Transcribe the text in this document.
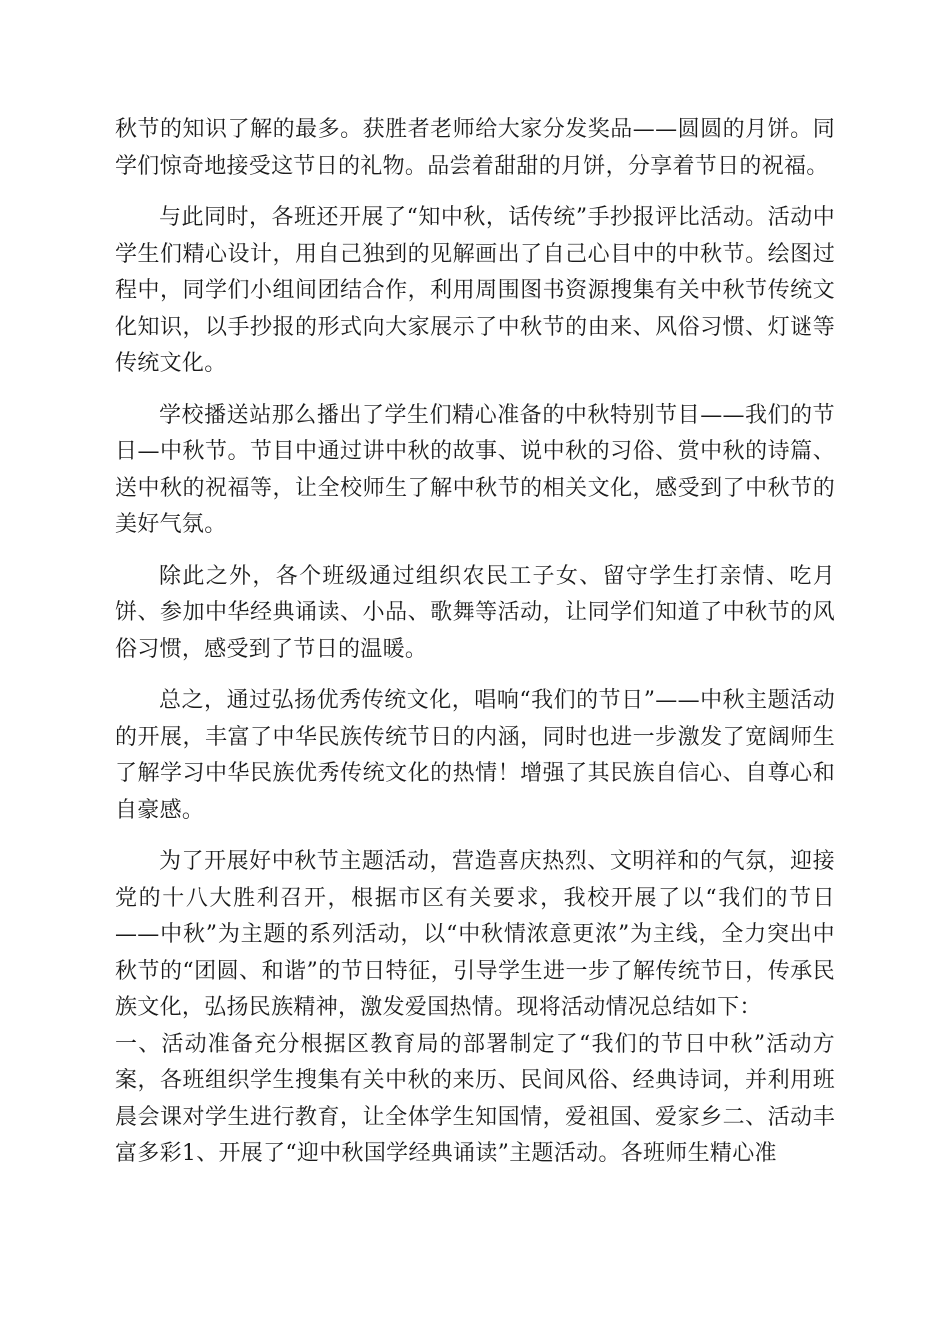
秋节的知识了解的最多。获胜者老师给大家分发奖品——圆圆的月饼。同学们惊奇地接受这节日的礼物。品尝着甜甜的月饼，分享着节日的祝福。

与此同时，各班还开展了“知中秋，话传统”手抄报评比活动。活动中学生们精心设计，用自己独到的见解画出了自己心目中的中秋节。绘图过程中，同学们小组间团结合作，利用周围图书资源搜集有关中秋节传统文化知识，以手抄报的形式向大家展示了中秋节的由来、风俗习惯、灯谜等传统文化。

学校播送站那么播出了学生们精心准备的中秋特别节目——我们的节日—中秋节。节目中通过讲中秋的故事、说中秋的习俗、赏中秋的诗篇、送中秋的祝福等，让全校师生了解中秋节的相关文化，感受到了中秋节的美好气氛。

除此之外，各个班级通过组织农民工子女、留守学生打亲情、吃月饼、参加中华经典诵读、小品、歌舞等活动，让同学们知道了中秋节的风俗习惯，感受到了节日的温暖。

总之，通过弘扬优秀传统文化，唱响“我们的节日”——中秋主题活动的开展，丰富了中华民族传统节日的内涵，同时也进一步激发了宽阔师生了解学习中华民族优秀传统文化的热情！增强了其民族自信心、自尊心和自豪感。

为了开展好中秋节主题活动，营造喜庆热烈、文明祥和的气氛，迎接党的十八大胜利召开，根据市区有关要求，我校开展了以“我们的节日——中秋”为主题的系列活动，以“中秋情浓意更浓”为主线，全力突出中秋节的“团圆、和谐”的节日特征，引导学生进一步了解传统节日，传承民族文化，弘扬民族精神，激发爱国热情。现将活动情况总结如下：

一、活动准备充分根据区教育局的部署制定了“我们的节日中秋”活动方案，各班组织学生搜集有关中秋的来历、民间风俗、经典诗词，并利用班晨会课对学生进行教育，让全体学生知国情，爱祖国、爱家乡二、活动丰富多彩1、开展了“迎中秋国学经典诵读”主题活动。各班师生精心准
